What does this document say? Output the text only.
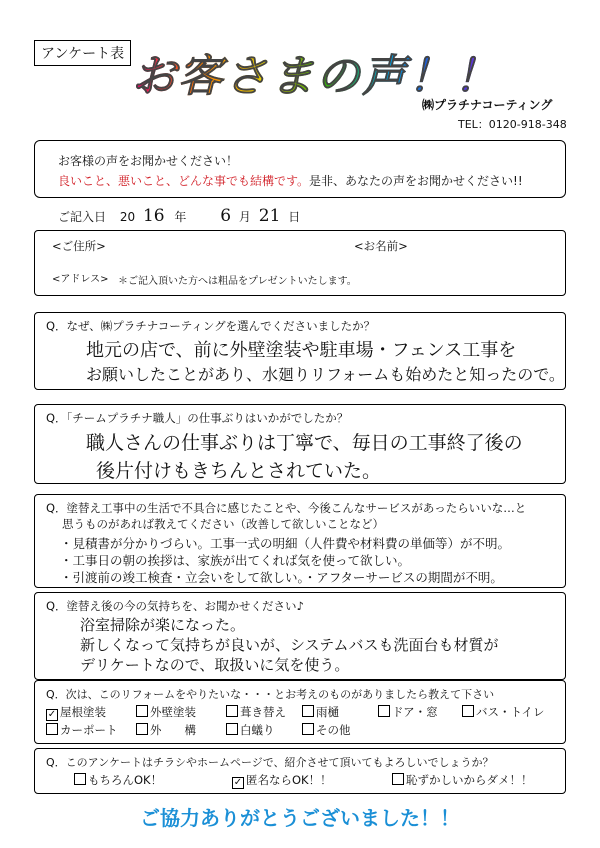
アンケート表 お客さまの声！！
㈱プラチナコーティング
TEL：0120-918-348
お客様の声をお聞かせください！
良いこと、悪いこと、どんな事でも結構です。是非、あなたの声をお聞かせください!!
ご記入日 20 16 年 6 月 21 日
<ご住所>	<お名前>
<アドレス> ＊ご記入頂いた方へは粗品をプレゼントいたします。
Q．なぜ、㈱プラチナコーティングを選んでくださいましたか？
地元の店で、前に外壁塗装や駐車場・フェンス工事を
お願いしたことがあり、水廻りリフォームも始めたと知ったので。
Q．「チームプラチナ職人」の仕事ぶりはいかがでしたか？
職人さんの仕事ぶりは丁寧で、毎日の工事終了後の
後片付けもきちんとされていた。
Q．塗替え工事中の生活で不具合に感じたことや、今後こんなサービスがあったらいいな…と
思うものがあれば教えてください（改善して欲しいことなど）
・見積書が分かりづらい。工事一式の明細（人件費や材料費の単価等）が不明。
・工事日の朝の挨拶は、家族が出てくれば気を使って欲しい。
・引渡前の竣工検査・立会いをして欲しい。・アフターサービスの期間が不明。
Q．塗替え後の今の気持ちを、お聞かせください♪
浴室掃除が楽になった。
新しくなって気持ちが良いが、システムバスも洗面台も材質が
デリケートなので、取扱いに気を使う。
Q．次は、このリフォームをやりたいな・・・とお考えのものがありましたら教えて下さい
✓ 屋根塗装	外壁塗装	葺き替え	雨樋	ドア・窓	バス・トイレ
カーポート	外　　構	白蟻り	その他
Q．このアンケートはチラシやホームページで、紹介させて頂いてもよろしいでしょうか？
もちろんOK！	✓ 匿名ならOK！！	恥ずかしいからダメ！！
ご協力ありがとうございました！！
